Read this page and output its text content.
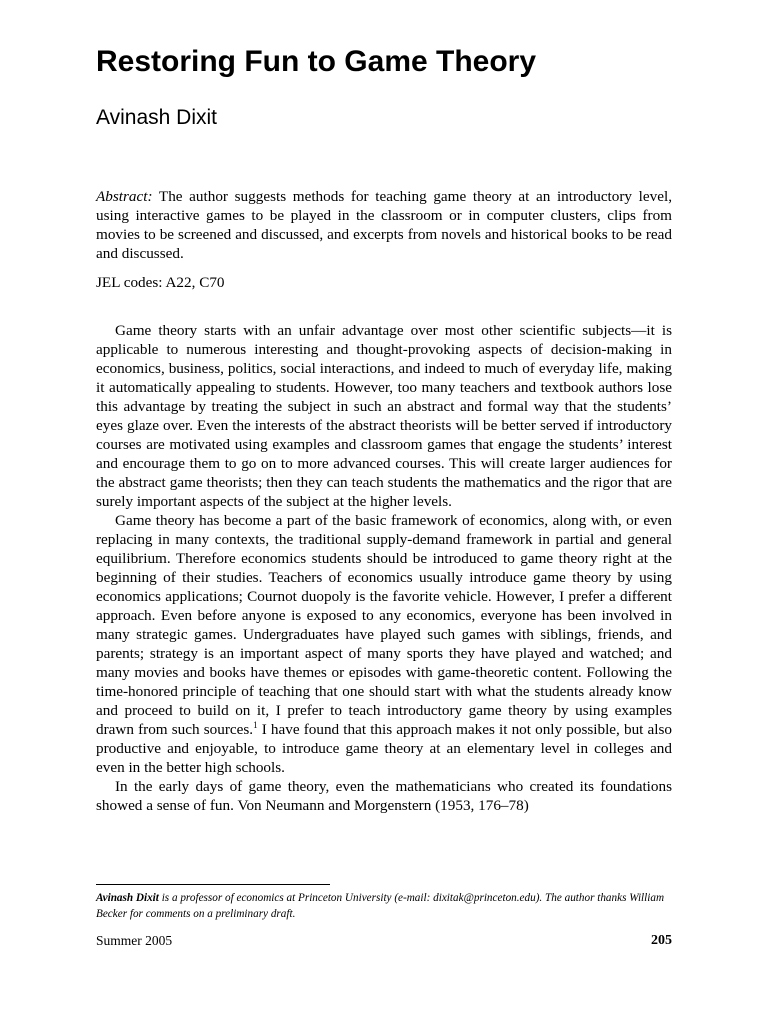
Restoring Fun to Game Theory
Avinash Dixit

Abstract: The author suggests methods for teaching game theory at an introductory level, using interactive games to be played in the classroom or in computer clusters, clips from movies to be screened and discussed, and excerpts from novels and historical books to be read and discussed.

JEL codes: A22, C70

Game theory starts with an unfair advantage over most other scientific subjects—it is applicable to numerous interesting and thought-provoking aspects of decision-making in economics, business, politics, social interactions, and indeed to much of everyday life, making it automatically appealing to students. However, too many teachers and textbook authors lose this advantage by treating the subject in such an abstract and formal way that the students’ eyes glaze over. Even the interests of the abstract theorists will be better served if introductory courses are motivated using examples and classroom games that engage the students’ interest and encourage them to go on to more advanced courses. This will create larger audiences for the abstract game theorists; then they can teach students the mathematics and the rigor that are surely important aspects of the subject at the higher levels.

Game theory has become a part of the basic framework of economics, along with, or even replacing in many contexts, the traditional supply-demand framework in partial and general equilibrium. Therefore economics students should be introduced to game theory right at the beginning of their studies. Teachers of economics usually introduce game theory by using economics applications; Cournot duopoly is the favorite vehicle. However, I prefer a different approach. Even before anyone is exposed to any economics, everyone has been involved in many strategic games. Undergraduates have played such games with siblings, friends, and parents; strategy is an important aspect of many sports they have played and watched; and many movies and books have themes or episodes with game-theoretic content. Following the time-honored principle of teaching that one should start with what the students already know and proceed to build on it, I prefer to teach introductory game theory by using examples drawn from such sources.$^1$ I have found that this approach makes it not only possible, but also productive and enjoyable, to introduce game theory at an elementary level in colleges and even in the better high schools.

In the early days of game theory, even the mathematicians who created its foundations showed a sense of fun. Von Neumann and Morgenstern (1953, 176–78)

Avinash Dixit is a professor of economics at Princeton University (e-mail: dixitak@princeton.edu). The author thanks William Becker for comments on a preliminary draft.

Summer 2005	205
